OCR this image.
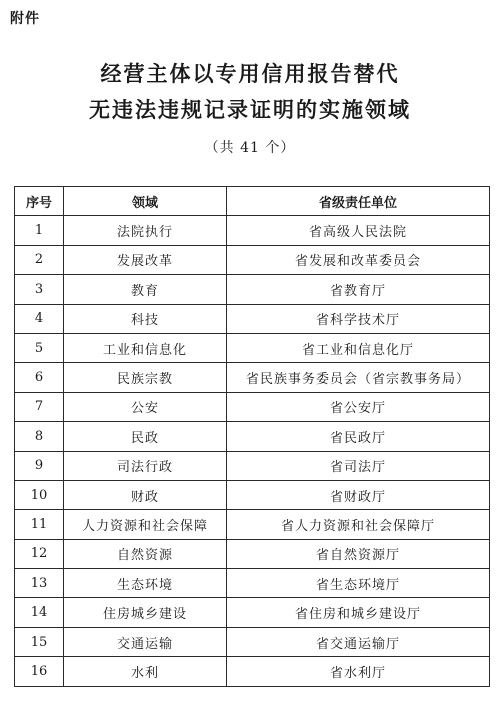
附件
经营主体以专用信用报告替代
无违法违规记录证明的实施领域
（共 41 个）
序号	领域	省级责任单位
1	法院执行	省高级人民法院
2	发展改革	省发展和改革委员会
3	教育	省教育厅
4	科技	省科学技术厅
5	工业和信息化	省工业和信息化厅
6	民族宗教	省民族事务委员会（省宗教事务局）
7	公安	省公安厅
8	民政	省民政厅
9	司法行政	省司法厅
10	财政	省财政厅
11	人力资源和社会保障	省人力资源和社会保障厅
12	自然资源	省自然资源厅
13	生态环境	省生态环境厅
14	住房城乡建设	省住房和城乡建设厅
15	交通运输	省交通运输厅
16	水利	省水利厅
